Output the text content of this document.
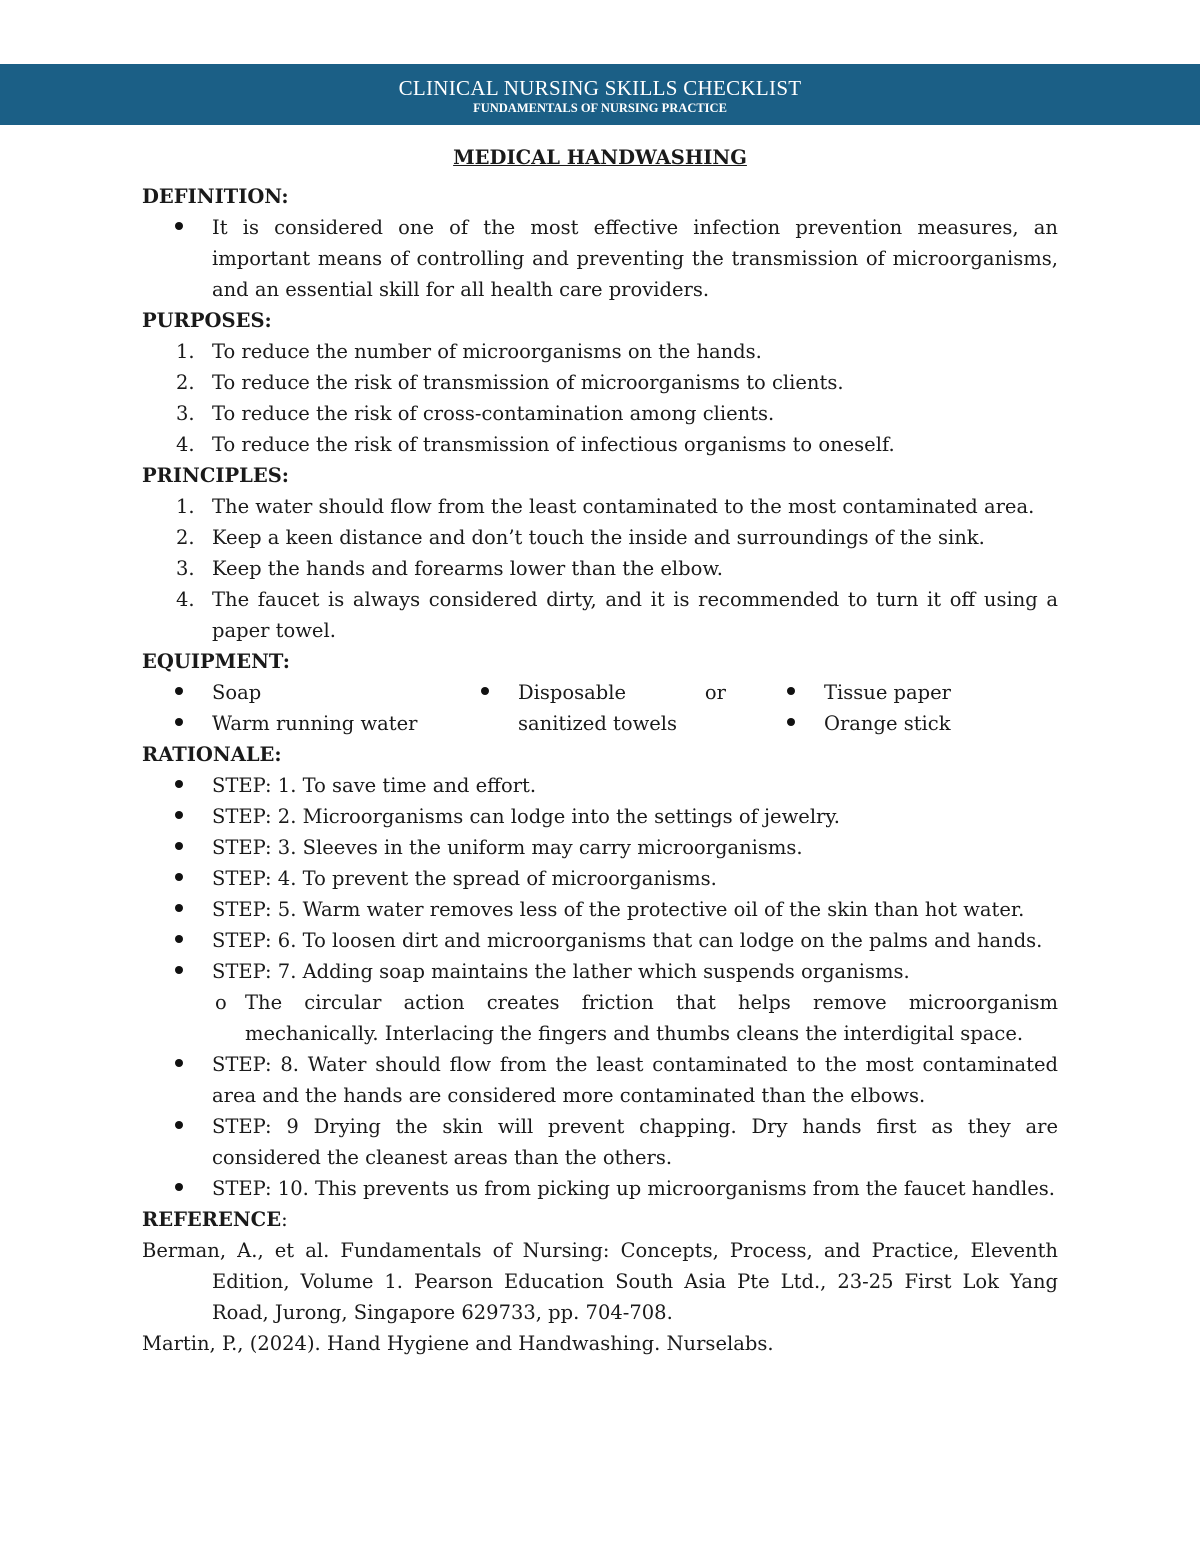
CLINICAL NURSING SKILLS CHECKLIST
FUNDAMENTALS OF NURSING PRACTICE
MEDICAL HANDWASHING
DEFINITION:
It is considered one of the most effective infection prevention measures, an important means of controlling and preventing the transmission of microorganisms, and an essential skill for all health care providers.
PURPOSES:
1. To reduce the number of microorganisms on the hands.
2. To reduce the risk of transmission of microorganisms to clients.
3. To reduce the risk of cross-contamination among clients.
4. To reduce the risk of transmission of infectious organisms to oneself.
PRINCIPLES:
1. The water should flow from the least contaminated to the most contaminated area.
2. Keep a keen distance and don’t touch the inside and surroundings of the sink.
3. Keep the hands and forearms lower than the elbow.
4. The faucet is always considered dirty, and it is recommended to turn it off using a paper towel.
EQUIPMENT:
Soap
Warm running water
Disposable or sanitized towels
Tissue paper
Orange stick
RATIONALE:
STEP: 1. To save time and effort.
STEP: 2. Microorganisms can lodge into the settings of jewelry.
STEP: 3. Sleeves in the uniform may carry microorganisms.
STEP: 4. To prevent the spread of microorganisms.
STEP: 5. Warm water removes less of the protective oil of the skin than hot water.
STEP: 6. To loosen dirt and microorganisms that can lodge on the palms and hands.
STEP: 7. Adding soap maintains the lather which suspends organisms.
o The circular action creates friction that helps remove microorganism mechanically. Interlacing the fingers and thumbs cleans the interdigital space.
STEP: 8. Water should flow from the least contaminated to the most contaminated area and the hands are considered more contaminated than the elbows.
STEP: 9 Drying the skin will prevent chapping. Dry hands first as they are considered the cleanest areas than the others.
STEP: 10. This prevents us from picking up microorganisms from the faucet handles.
REFERENCE:
Berman, A., et al. Fundamentals of Nursing: Concepts, Process, and Practice, Eleventh Edition, Volume 1. Pearson Education South Asia Pte Ltd., 23-25 First Lok Yang Road, Jurong, Singapore 629733, pp. 704-708.
Martin, P., (2024). Hand Hygiene and Handwashing. Nurselabs.
